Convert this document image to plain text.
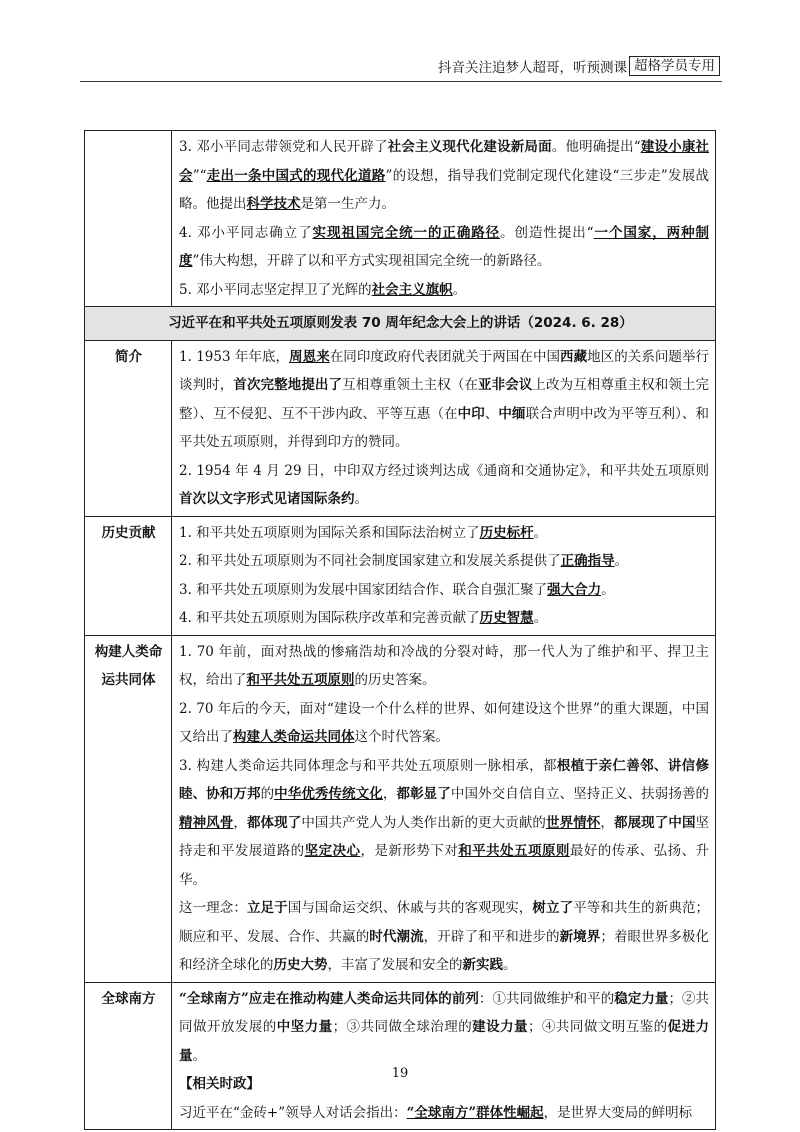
抖音关注追梦人超哥，听预测课 超格学员专用

	3. 邓小平同志带领党和人民开辟了社会主义现代化建设新局面。他明确提出“建设小康社会”“走出一条中国式的现代化道路”的设想，指导我们党制定现代化建设“三步走”发展战略。他提出科学技术是第一生产力。

4. 邓小平同志确立了实现祖国完全统一的正确路径。创造性提出“一个国家，两种制度”伟大构想，开辟了以和平方式实现祖国完全统一的新路径。

5. 邓小平同志坚定捍卫了光辉的社会主义旗帜。

习近平在和平共处五项原则发表 70 周年纪念大会上的讲话（2024. 6. 28）	
简介	1. 1953 年年底，周恩来在同印度政府代表团就关于两国在中国西藏地区的关系问题举行谈判时，首次完整地提出了互相尊重领土主权（在亚非会议上改为互相尊重主权和领土完整）、互不侵犯、互不干涉内政、平等互惠（在中印、中缅联合声明中改为平等互利）、和平共处五项原则，并得到印方的赞同。

2. 1954 年 4 月 29 日，中印双方经过谈判达成《通商和交通协定》，和平共处五项原则首次以文字形式见诸国际条约。

历史贡献	1. 和平共处五项原则为国际关系和国际法治树立了历史标杆。

2. 和平共处五项原则为不同社会制度国家建立和发展关系提供了正确指导。

3. 和平共处五项原则为发展中国家团结合作、联合自强汇聚了强大合力。

4. 和平共处五项原则为国际秩序改革和完善贡献了历史智慧。

构建人类命运共同体	1. 70 年前，面对热战的惨痛浩劫和冷战的分裂对峙，那一代人为了维护和平、捍卫主权，给出了和平共处五项原则的历史答案。

2. 70 年后的今天，面对“建设一个什么样的世界、如何建设这个世界”的重大课题，中国又给出了构建人类命运共同体这个时代答案。

3. 构建人类命运共同体理念与和平共处五项原则一脉相承，都根植于亲仁善邻、讲信修睦、协和万邦的中华优秀传统文化，都彰显了中国外交自信自立、坚持正义、扶弱扬善的精神风骨，都体现了中国共产党人为人类作出新的更大贡献的世界情怀，都展现了中国坚持走和平发展道路的坚定决心，是新形势下对和平共处五项原则最好的传承、弘扬、升华。

这一理念：立足于国与国命运交织、休戚与共的客观现实，树立了平等和共生的新典范；顺应和平、发展、合作、共赢的时代潮流，开辟了和平和进步的新境界；着眼世界多极化和经济全球化的历史大势，丰富了发展和安全的新实践。

全球南方	“全球南方”应走在推动构建人类命运共同体的前列：①共同做维护和平的稳定力量；②共同做开放发展的中坚力量；③共同做全球治理的建设力量；④共同做文明互鉴的促进力量。

【相关时政】

习近平在“金砖+”领导人对话会指出：“全球南方”群体性崛起，是世界大变局的鲜明标

19
